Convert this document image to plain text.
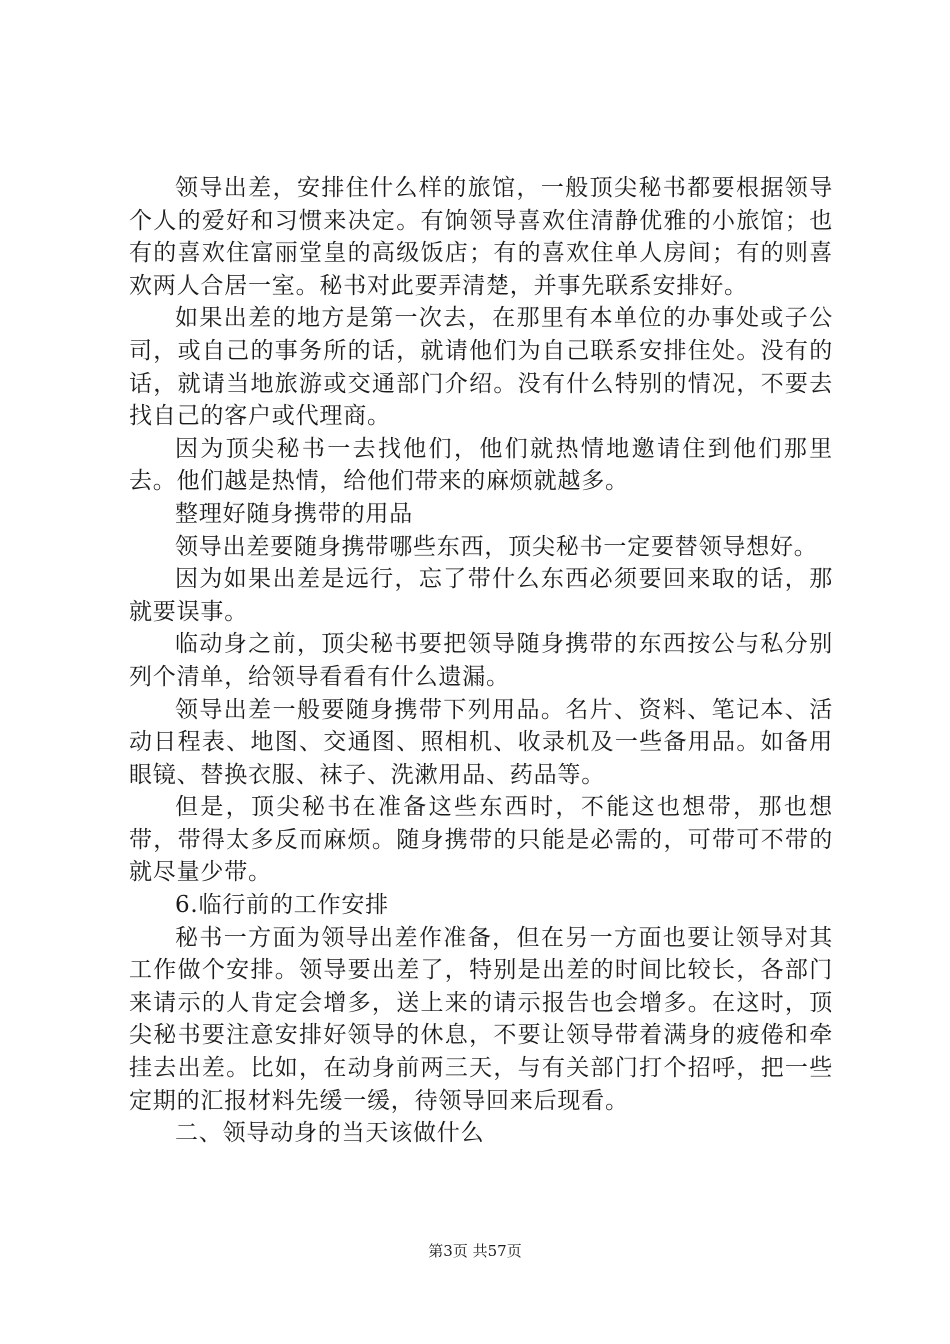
领导出差，安排住什么样的旅馆，一般顶尖秘书都要根据领导个人的爱好和习惯来决定。有饷领导喜欢住清静优雅的小旅馆；也有的喜欢住富丽堂皇的高级饭店；有的喜欢住单人房间；有的则喜欢两人合居一室。秘书对此要弄清楚，并事先联系安排好。

如果出差的地方是第一次去，在那里有本单位的办事处或子公司，或自己的事务所的话，就请他们为自己联系安排住处。没有的话，就请当地旅游或交通部门介绍。没有什么特别的情况，不要去找自己的客户或代理商。

因为顶尖秘书一去找他们，他们就热情地邀请住到他们那里去。他们越是热情，给他们带来的麻烦就越多。

整理好随身携带的用品

领导出差要随身携带哪些东西，顶尖秘书一定要替领导想好。

因为如果出差是远行，忘了带什么东西必须要回来取的话，那就要误事。

临动身之前，顶尖秘书要把领导随身携带的东西按公与私分别列个清单，给领导看看有什么遗漏。

领导出差一般要随身携带下列用品。名片、资料、笔记本、活动日程表、地图、交通图、照相机、收录机及一些备用品。如备用眼镜、替换衣服、袜子、洗漱用品、药品等。

但是，顶尖秘书在准备这些东西时，不能这也想带，那也想带，带得太多反而麻烦。随身携带的只能是必需的，可带可不带的就尽量少带。

6.临行前的工作安排

秘书一方面为领导出差作准备，但在另一方面也要让领导对其工作做个安排。领导要出差了，特别是出差的时间比较长，各部门来请示的人肯定会增多，送上来的请示报告也会增多。在这时，顶尖秘书要注意安排好领导的休息，不要让领导带着满身的疲倦和牵挂去出差。比如，在动身前两三天，与有关部门打个招呼，把一些定期的汇报材料先缓一缓，待领导回来后现看。

二、领导动身的当天该做什么

第3页 共57页
